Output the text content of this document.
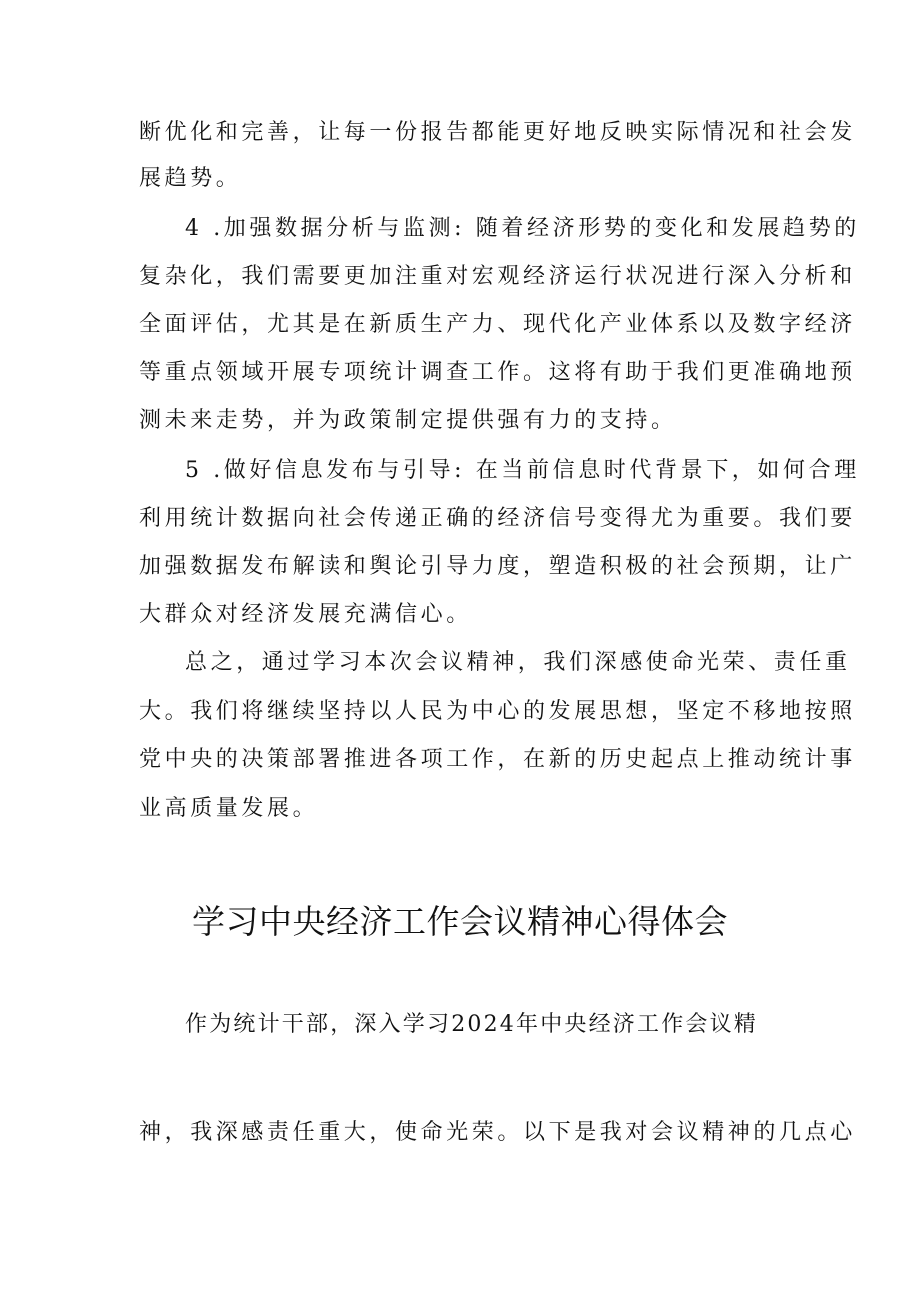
断优化和完善，让每一份报告都能更好地反映实际情况和社会发
展趋势。
4 .加强数据分析与监测: 随着经济形势的变化和发展趋势的
复杂化，我们需要更加注重对宏观经济运行状况进行深入分析和
全面评估，尤其是在新质生产力、现代化产业体系以及数字经济
等重点领域开展专项统计调查工作。这将有助于我们更准确地预
测未来走势，并为政策制定提供强有力的支持。
5 .做好信息发布与引导: 在当前信息时代背景下，如何合理
利用统计数据向社会传递正确的经济信号变得尤为重要。我们要
加强数据发布解读和舆论引导力度，塑造积极的社会预期，让广
大群众对经济发展充满信心。
总之，通过学习本次会议精神，我们深感使命光荣、责任重
大。我们将继续坚持以人民为中心的发展思想，坚定不移地按照
党中央的决策部署推进各项工作，在新的历史起点上推动统计事
业高质量发展。
学习中央经济工作会议精神心得体会
作为统计干部，深入学习2024年中央经济工作会议精
神，我深感责任重大，使命光荣。以下是我对会议精神的几点心
